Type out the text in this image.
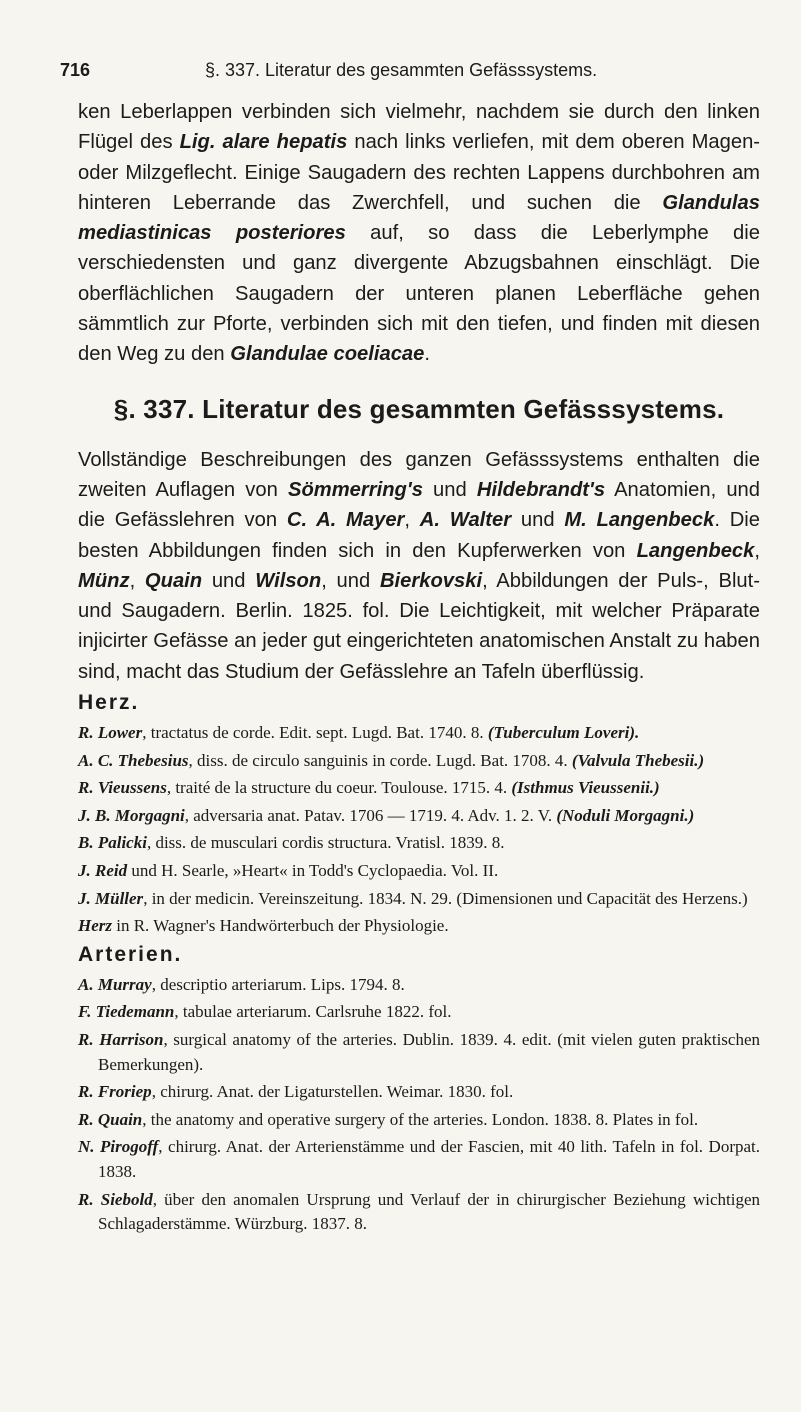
716	§. 337. Literatur des gesammten Gefässsystems.

ken Leberlappen verbinden sich vielmehr, nachdem sie durch den linken Flügel des Lig. alare hepatis nach links verliefen, mit dem oberen Magen- oder Milzgeflecht. Einige Saugadern des rechten Lappens durchbohren am hinteren Leberrande das Zwerchfell, und suchen die Glandulas mediastinicas posteriores auf, so dass die Leberlymphe die verschiedensten und ganz divergente Abzugsbahnen einschlägt. Die oberflächlichen Saugadern der unteren planen Leberfläche gehen sämmtlich zur Pforte, verbinden sich mit den tiefen, und finden mit diesen den Weg zu den Glandulae coeliacae.

§. 337. Literatur des gesammten Gefässsystems.

Vollständige Beschreibungen des ganzen Gefässsystems enthalten die zweiten Auflagen von Sömmerring's und Hildebrandt's Anatomien, und die Gefässlehren von C. A. Mayer, A. Walter und M. Langenbeck. Die besten Abbildungen finden sich in den Kupferwerken von Langenbeck, Münz, Quain und Wilson, und Bierkovski, Abbildungen der Puls-, Blut- und Saugadern. Berlin. 1825. fol. Die Leichtigkeit, mit welcher Präparate injicirter Gefässe an jeder gut eingerichteten anatomischen Anstalt zu haben sind, macht das Studium der Gefässlehre an Tafeln überflüssig.

Herz.
R. Lower, tractatus de corde. Edit. sept. Lugd. Bat. 1740. 8. (Tuberculum Loveri).
A. C. Thebesius, diss. de circulo sanguinis in corde. Lugd. Bat. 1708. 4. (Valvula Thebesii.)
R. Vieussens, traité de la structure du coeur. Toulouse. 1715. 4. (Isthmus Vieussenii.)
J. B. Morgagni, adversaria anat. Patav. 1706 — 1719. 4. Adv. 1. 2. V. (Noduli Morgagni.)
B. Palicki, diss. de musculari cordis structura. Vratisl. 1839. 8.
J. Reid und H. Searle, »Heart« in Todd's Cyclopaedia. Vol. II.
J. Müller, in der medicin. Vereinszeitung. 1834. N. 29. (Dimensionen und Capacität des Herzens.)
Herz in R. Wagner's Handwörterbuch der Physiologie.
Arterien.
A. Murray, descriptio arteriarum. Lips. 1794. 8.
F. Tiedemann, tabulae arteriarum. Carlsruhe 1822. fol.
R. Harrison, surgical anatomy of the arteries. Dublin. 1839. 4. edit. (mit vielen guten praktischen Bemerkungen).
R. Froriep, chirurg. Anat. der Ligaturstellen. Weimar. 1830. fol.
R. Quain, the anatomy and operative surgery of the arteries. London. 1838. 8. Plates in fol.
N. Pirogoff, chirurg. Anat. der Arterienstämme und der Fascien, mit 40 lith. Tafeln in fol. Dorpat. 1838.
R. Siebold, über den anomalen Ursprung und Verlauf der in chirurgischer Beziehung wichtigen Schlagaderstämme. Würzburg. 1837. 8.
